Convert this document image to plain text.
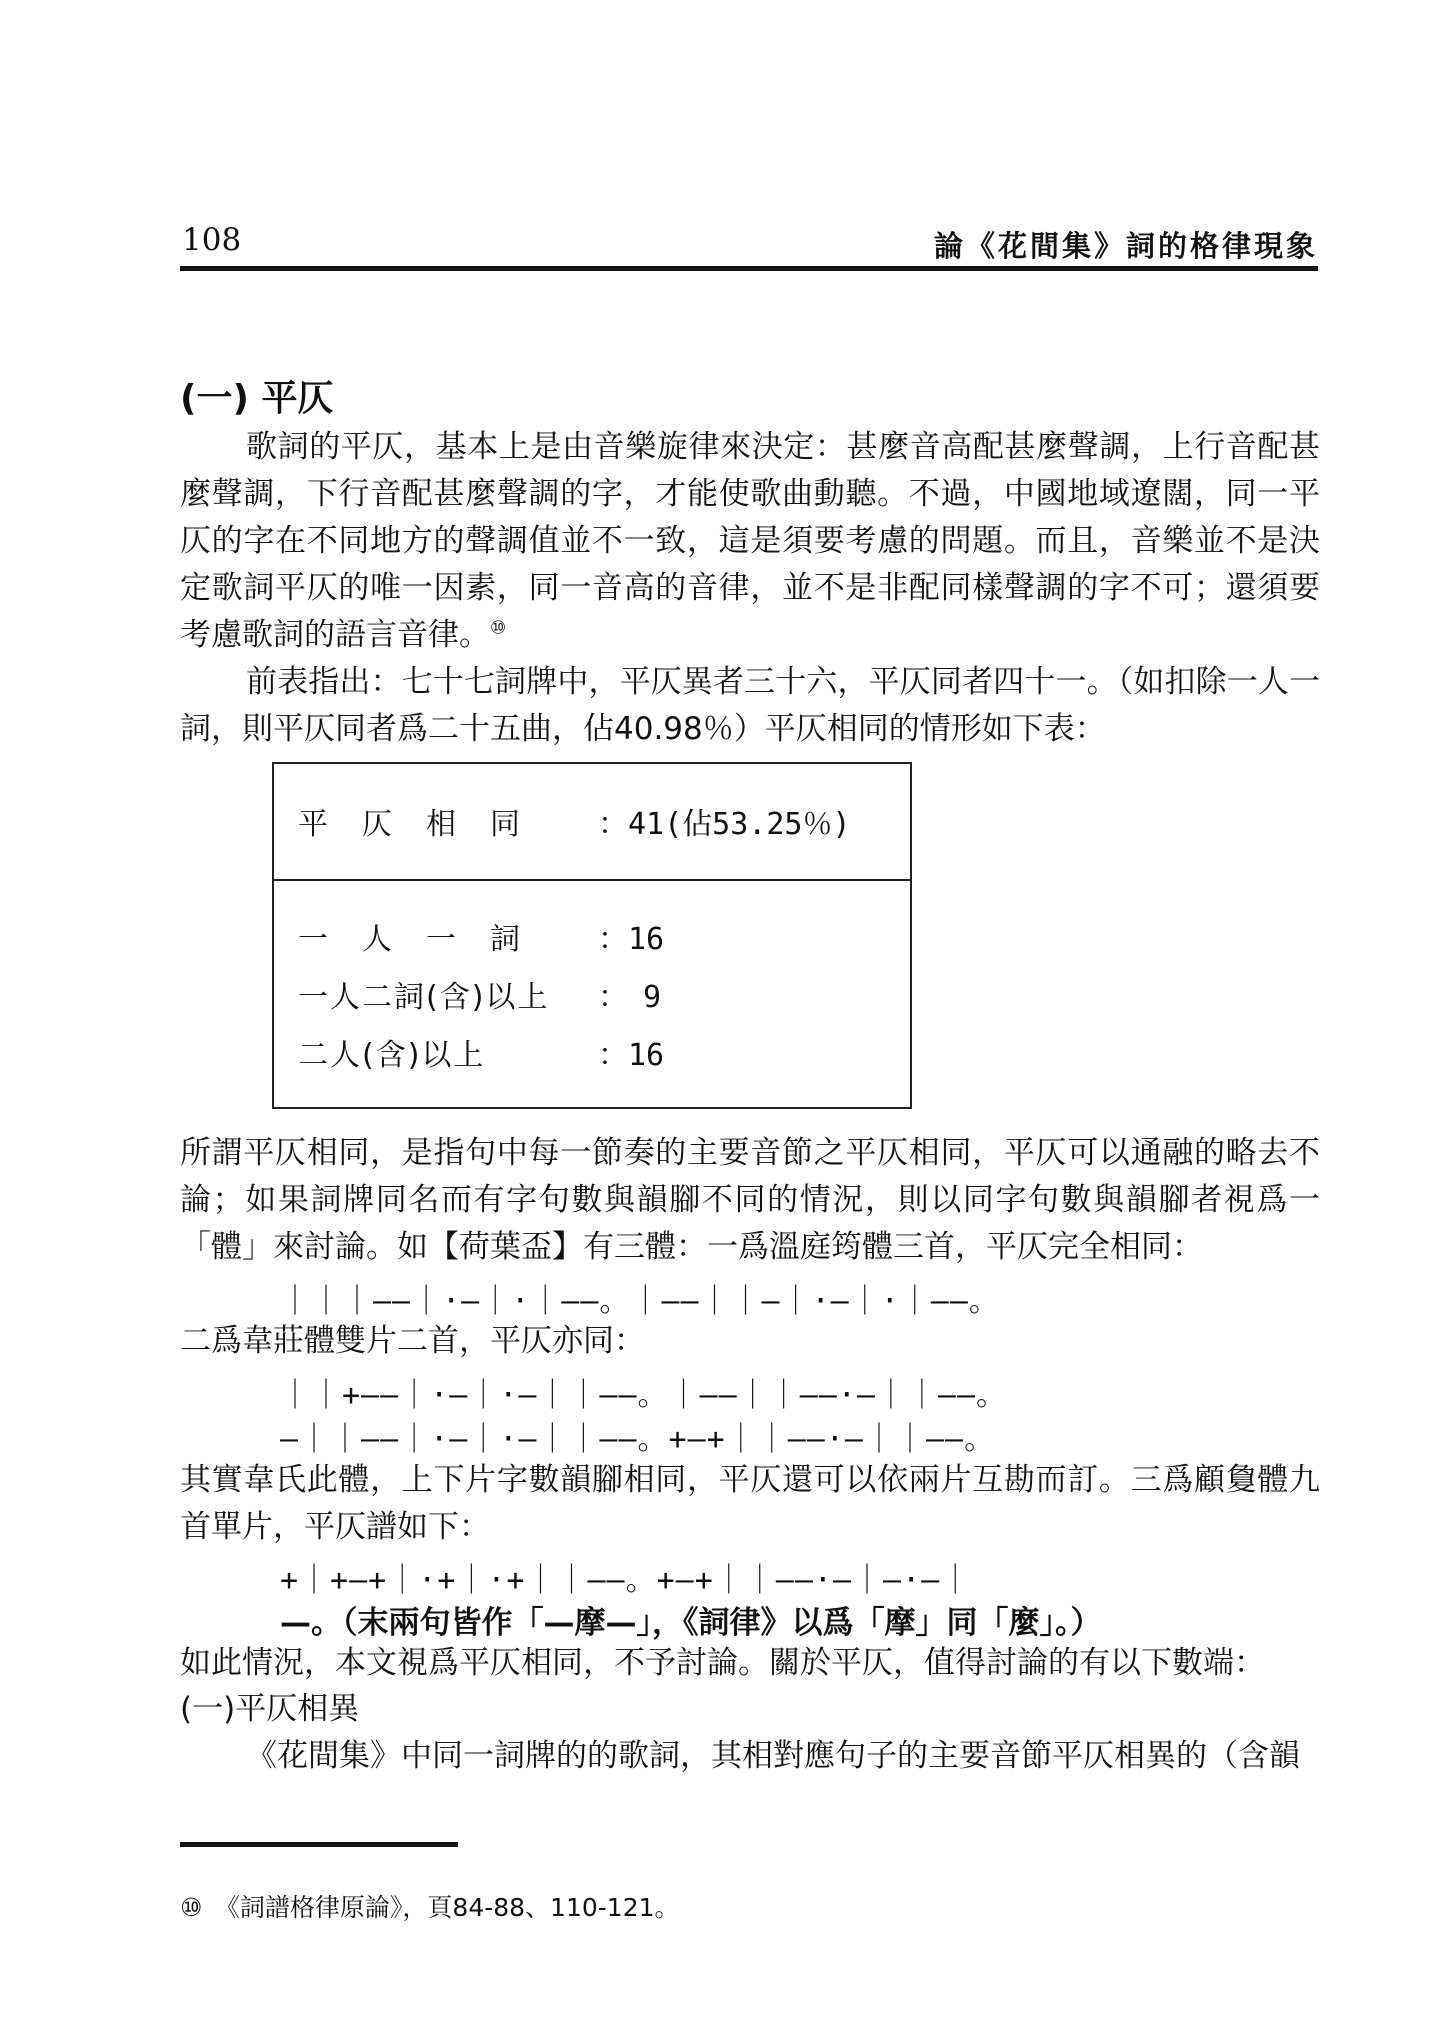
108	論《花間集》詞的格律現象
(一) 平仄

歌詞的平仄，基本上是由音樂旋律來決定：甚麼音高配甚麼聲調，上行音配甚麼聲調，下行音配甚麼聲調的字，才能使歌曲動聽。不過，中國地域遼闊，同一平仄的字在不同地方的聲調值並不一致，這是須要考慮的問題。而且，音樂並不是決定歌詞平仄的唯一因素，同一音高的音律，並不是非配同樣聲調的字不可；還須要考慮歌詞的語言音律。⑩

前表指出：七十七詞牌中，平仄異者三十六，平仄同者四十一。（如扣除一人一詞，則平仄同者爲二十五曲，佔40.98％）平仄相同的情形如下表：

平　仄　相　同	：41(佔53.25％)
一　人　一　詞	：16
一人二詞(含)以上	：　9
二人(含)以上	：16

所謂平仄相同，是指句中每一節奏的主要音節之平仄相同，平仄可以通融的略去不論；如果詞牌同名而有字句數與韻腳不同的情況，則以同字句數與韻腳者視爲一「體」來討論。如【荷葉盃】有三體：一爲溫庭筠體三首，平仄完全相同：

｜｜｜——｜·—｜·｜——。｜——｜｜—｜·—｜·｜——。

二爲韋莊體雙片二首，平仄亦同：

｜｜+——｜·—｜·—｜｜——。｜——｜｜——·—｜｜——。
—｜｜——｜·—｜·—｜｜——。+—+｜｜——·—｜｜——。

其實韋氏此體，上下片字數韻腳相同，平仄還可以依兩片互勘而訂。三爲顧敻體九首單片，平仄譜如下：

+｜+—+｜·+｜·+｜｜——。+—+｜｜——·—｜—·—｜
—。（末兩句皆作「—摩—」，《詞律》以爲「摩」同「麼」。）

如此情況，本文視爲平仄相同，不予討論。關於平仄，值得討論的有以下數端：

(一)平仄相異

《花間集》中同一詞牌的的歌詞，其相對應句子的主要音節平仄相異的（含韻

⑩　《詞譜格律原論》，頁84-88、110-121。
